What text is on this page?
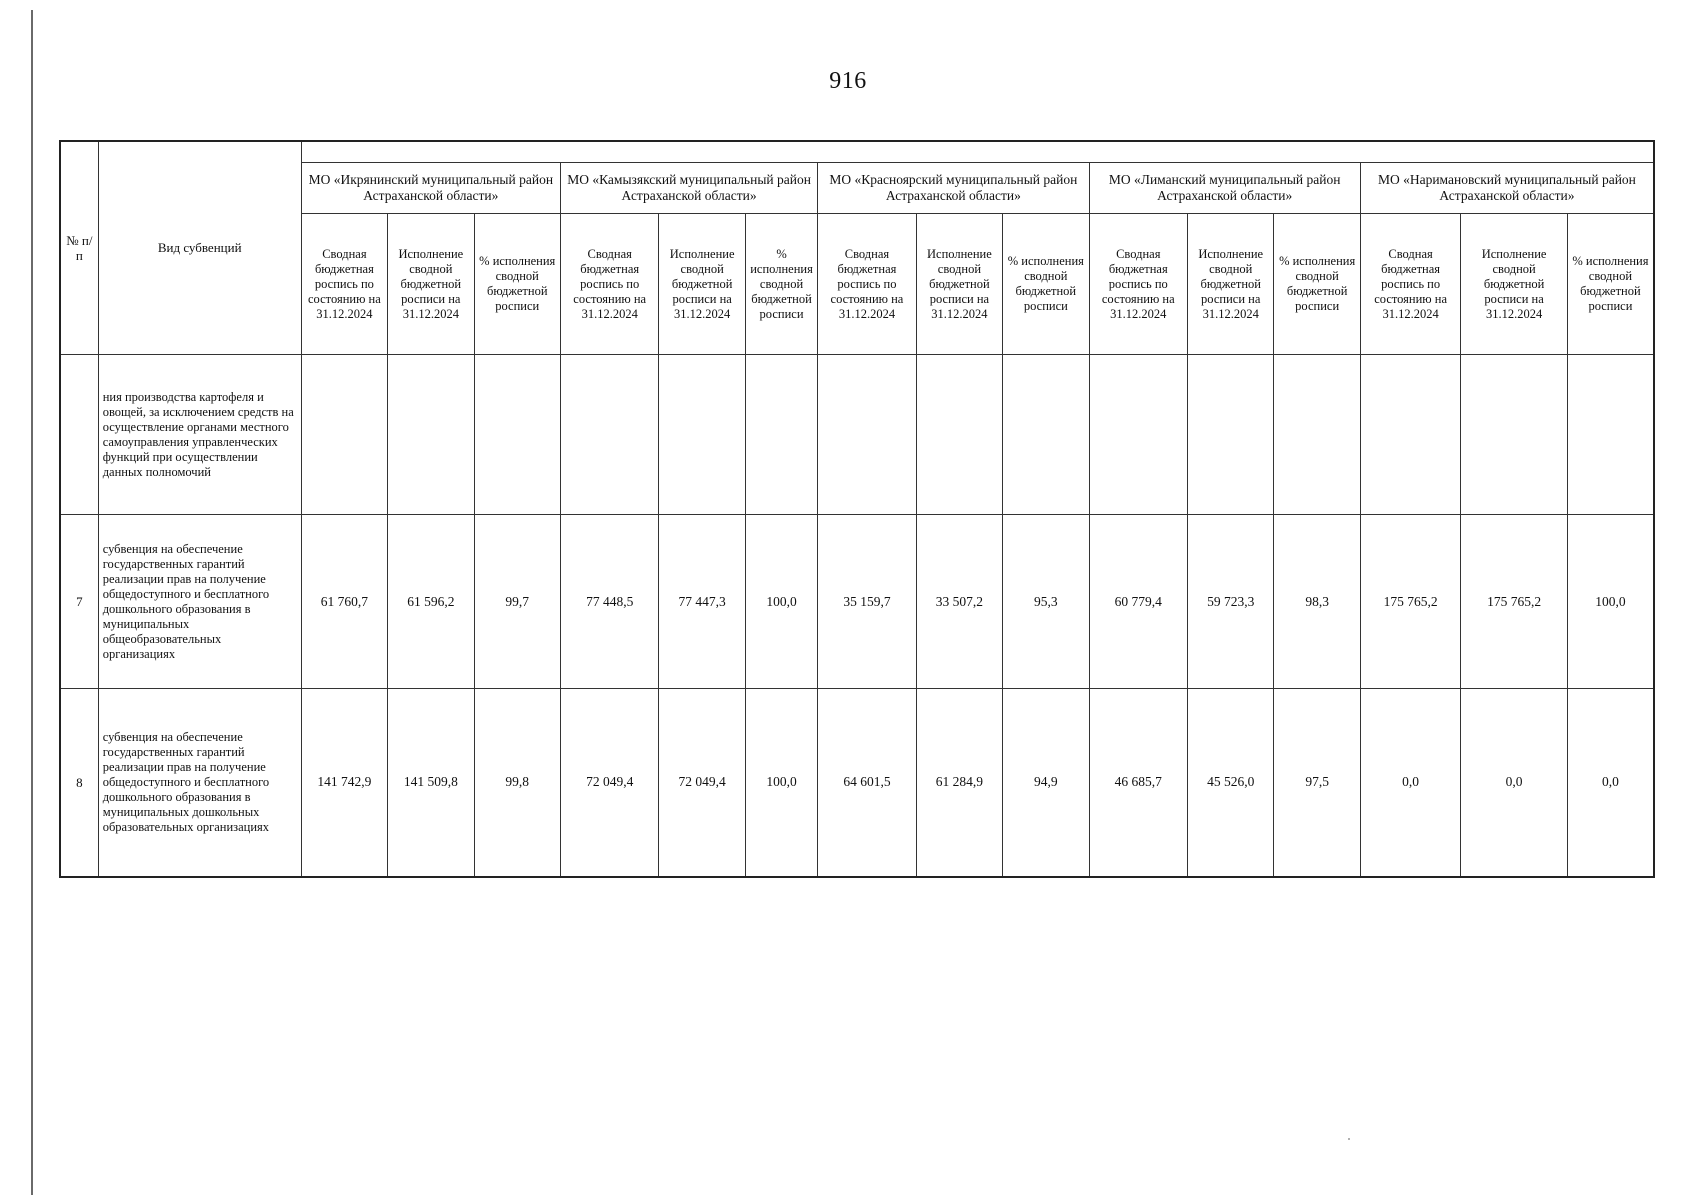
916
№ п/п	Вид субвенций															
		МО «Икрянинский муниципальный район Астраханской области»			МО «Камызякский муниципальный район Астраханской области»			МО «Красноярский муниципальный район Астраханской области»			МО «Лиманский муниципальный район Астраханской области»			МО «Наримановский муниципальный район Астраханской области»		
		Сводная бюджетная роспись по состоянию на 31.12.2024	Исполнение сводной бюджетной росписи на 31.12.2024	% исполнения сводной бюджетной росписи	Сводная бюджетная роспись по состоянию на 31.12.2024	Исполнение сводной бюджетной росписи на 31.12.2024	% исполнения сводной бюджетной росписи	Сводная бюджетная роспись по состоянию на 31.12.2024	Исполнение сводной бюджетной росписи на 31.12.2024	% исполнения сводной бюджетной росписи	Сводная бюджетная роспись по состоянию на 31.12.2024	Исполнение сводной бюджетной росписи на 31.12.2024	% исполнения сводной бюджетной росписи	Сводная бюджетная роспись по состоянию на 31.12.2024	Исполнение сводной бюджетной росписи на 31.12.2024	% исполнения сводной бюджетной росписи
	ния производства картофеля и овощей, за исключением средств на осуществление органами местного самоуправления управленческих функций при осуществлении данных полномочий															
7	субвенция на обеспечение государственных гарантий реализации прав на получение общедоступного и бесплатного дошкольного образования в муниципальных общеобразовательных организациях	61 760,7	61 596,2	99,7	77 448,5	77 447,3	100,0	35 159,7	33 507,2	95,3	60 779,4	59 723,3	98,3	175 765,2	175 765,2	100,0
8	субвенция на обеспечение государственных гарантий реализации прав на получение общедоступного и бесплатного дошкольного образования в муниципальных дошкольных образовательных организациях	141 742,9	141 509,8	99,8	72 049,4	72 049,4	100,0	64 601,5	61 284,9	94,9	46 685,7	45 526,0	97,5	0,0	0,0	0,0
